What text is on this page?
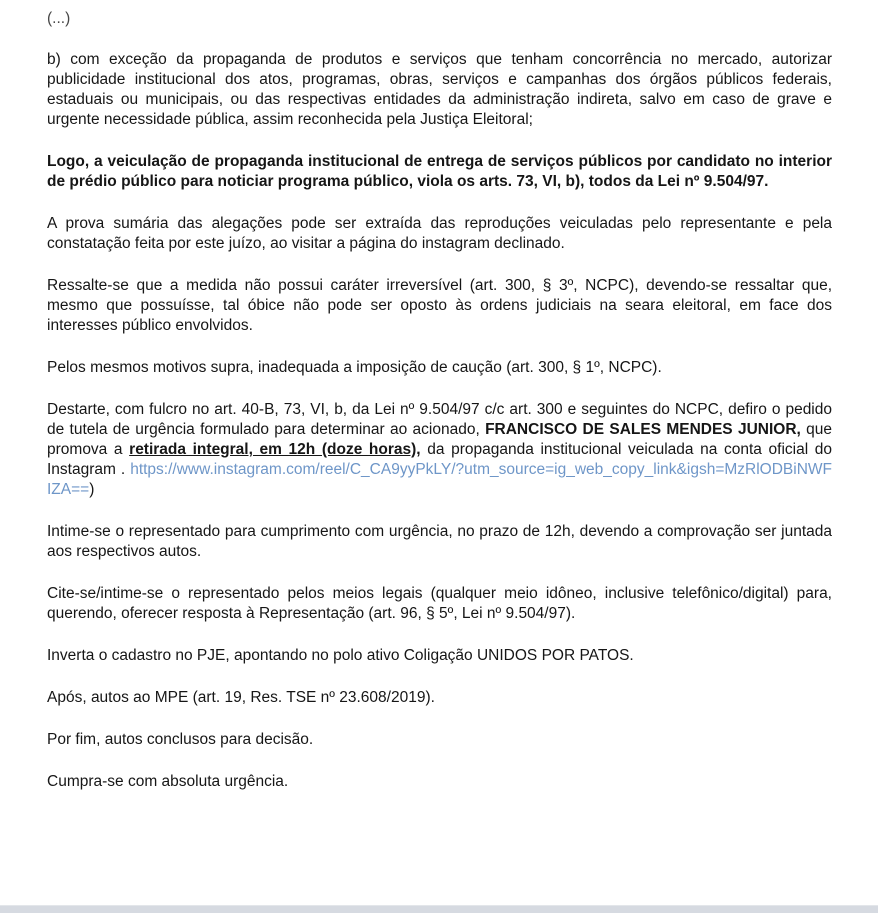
(...)

b) com exceção da propaganda de produtos e serviços que tenham concorrência no mercado, autorizar publicidade institucional dos atos, programas, obras, serviços e campanhas dos órgãos públicos federais, estaduais ou municipais, ou das respectivas entidades da administração indireta, salvo em caso de grave e urgente necessidade pública, assim reconhecida pela Justiça Eleitoral;

Logo, a veiculação de propaganda institucional de entrega de serviços públicos por candidato no interior de prédio público para noticiar programa público, viola os arts. 73, VI, b), todos da Lei nº 9.504/97.

A prova sumária das alegações pode ser extraída das reproduções veiculadas pelo representante e pela constatação feita por este juízo, ao visitar a página do instagram declinado.

Ressalte-se que a medida não possui caráter irreversível (art. 300, § 3º, NCPC), devendo-se ressaltar que, mesmo que possuísse, tal óbice não pode ser oposto às ordens judiciais na seara eleitoral, em face dos interesses público envolvidos.

Pelos mesmos motivos supra, inadequada a imposição de caução (art. 300, § 1º, NCPC).

Destarte, com fulcro no art. 40-B, 73, VI, b, da Lei nº 9.504/97 c/c art. 300 e seguintes do NCPC, defiro o pedido de tutela de urgência formulado para determinar ao acionado, FRANCISCO DE SALES MENDES JUNIOR, que promova a retirada integral, em 12h (doze horas), da propaganda institucional veiculada na conta oficial do Instagram . https://www.instagram.com/reel/C_CA9yyPkLY/?utm_source=ig_web_copy_link&igsh=MzRlODBiNWFIZA==)

Intime-se o representado para cumprimento com urgência, no prazo de 12h, devendo a comprovação ser juntada aos respectivos autos.

Cite-se/intime-se o representado pelos meios legais (qualquer meio idôneo, inclusive telefônico/digital) para, querendo, oferecer resposta à Representação (art. 96, § 5º, Lei nº 9.504/97).

Inverta o cadastro no PJE, apontando no polo ativo Coligação UNIDOS POR PATOS.

Após, autos ao MPE (art. 19, Res. TSE nº 23.608/2019).

Por fim, autos conclusos para decisão.

Cumpra-se com absoluta urgência.
